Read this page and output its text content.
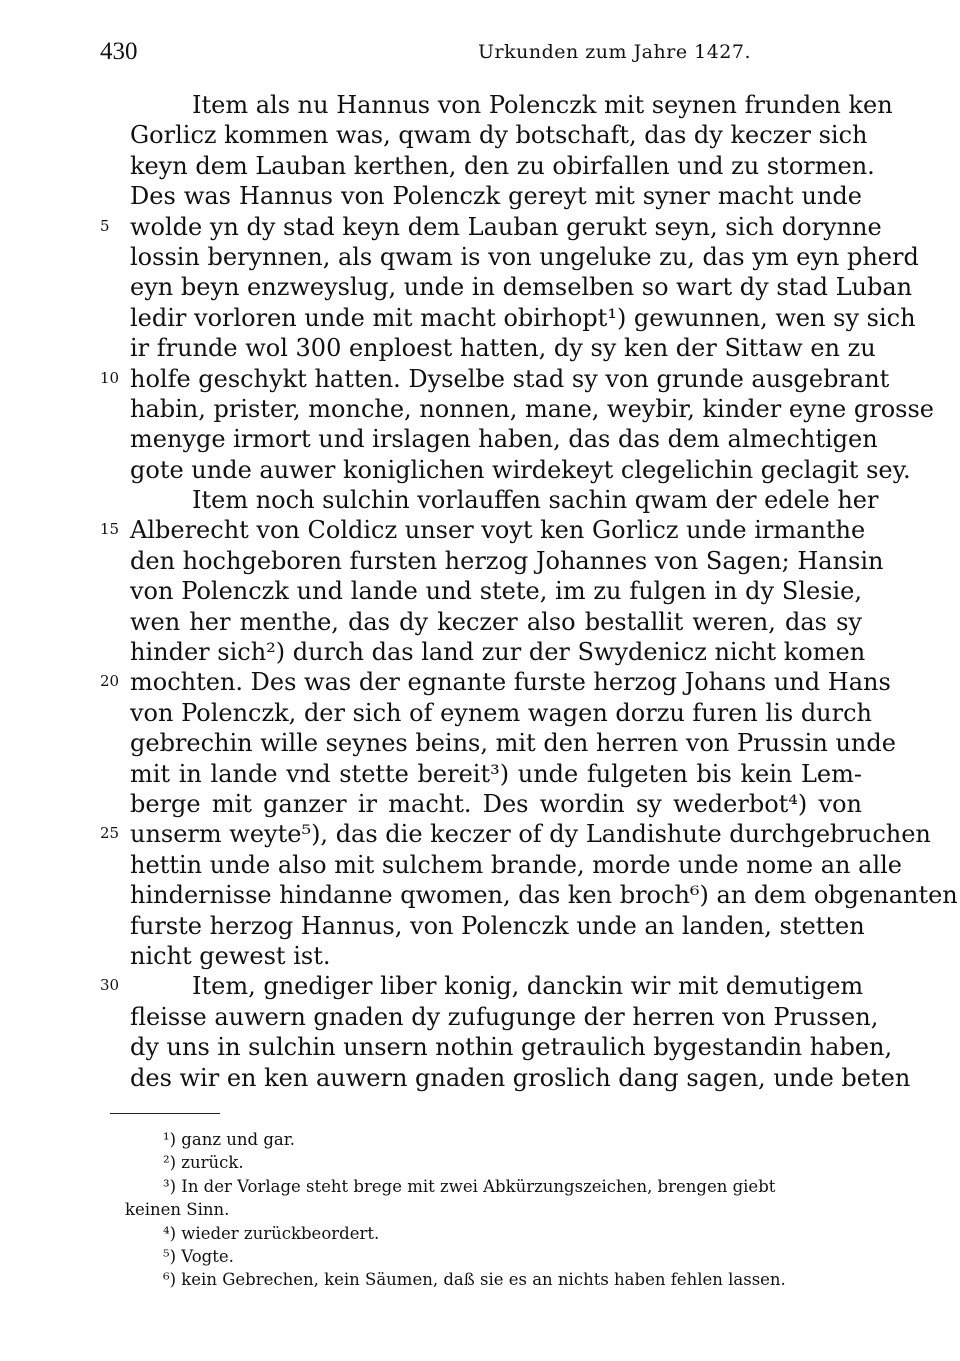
430	Urkunden zum Jahre 1427.
Item als nu Hannus von Polenczk mit seynen frunden ken
Gorlicz kommen was, qwam dy botschaft, das dy keczer sich
keyn dem Lauban kerthen, den zu obirfallen und zu stormen.
Des was Hannus von Polenczk gereyt mit syner macht unde
5 wolde yn dy stad keyn dem Lauban gerukt seyn, sich dorynne
lossin berynnen, als qwam is von ungeluke zu, das ym eyn pherd
eyn beyn enzweyslug, unde in demselben so wart dy stad Luban
ledir vorloren unde mit macht obirhopt¹) gewunnen, wen sy sich
ir frunde wol 300 enploest hatten, dy sy ken der Sittaw en zu
10 holfe geschykt hatten. Dyselbe stad sy von grunde ausgebrant
habin, prister, monche, nonnen, mane, weybir, kinder eyne grosse
menyge irmort und irslagen haben, das das dem almechtigen
gote unde auwer koniglichen wirdekeyt clegelichin geclagit sey.
Item noch sulchin vorlauffen sachin qwam der edele her
15 Alberecht von Coldicz unser voyt ken Gorlicz unde irmanthe
den hochgeboren fursten herzog Johannes von Sagen; Hansin
von Polenczk und lande und stete, im zu fulgen in dy Slesie,
wen her menthe, das dy keczer also bestallit weren, das sy
hinder sich²) durch das land zur der Swydenicz nicht komen
20 mochten. Des was der egnante furste herzog Johans und Hans
von Polenczk, der sich of eynem wagen dorzu furen lis durch
gebrechin wille seynes beins, mit den herren von Prussin unde
mit in lande vnd stette bereit³) unde fulgeten bis kein Lem-
berge mit ganzer ir macht. Des wordin sy wederbot⁴) von
25 unserm weyte⁵), das die keczer of dy Landishute durchgebruchen
hettin unde also mit sulchem brande, morde unde nome an alle
hindernisse hindanne qwomen, das ken broch⁶) an dem obgenanten
furste herzog Hannus, von Polenczk unde an landen, stetten
nicht gewest ist.
30	Item, gnediger liber konig, danckin wir mit demutigem
fleisse auwern gnaden dy zufugunge der herren von Prussen,
dy uns in sulchin unsern nothin getraulich bygestandin haben,
des wir en ken auwern gnaden groslich dang sagen, unde beten
¹) ganz und gar.
²) zurück.
³) In der Vorlage steht brege mit zwei Abkürzungszeichen, brengen giebt
keinen Sinn.
⁴) wieder zurückbeordert.
⁵) Vogte.
⁶) kein Gebrechen, kein Säumen, daß sie es an nichts haben fehlen lassen.
